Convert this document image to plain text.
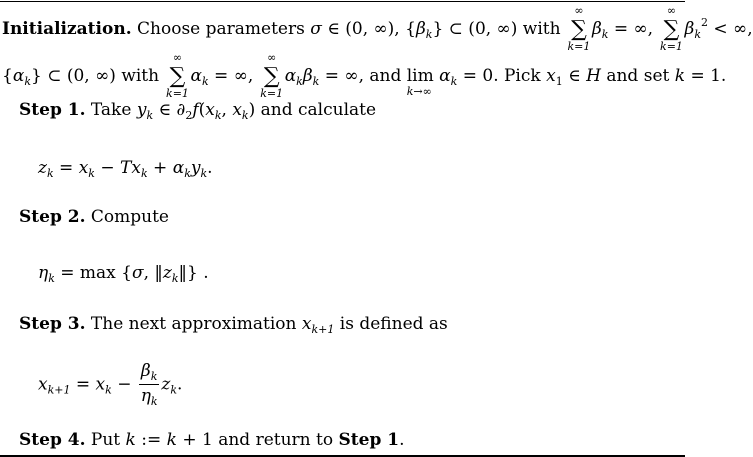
Initialization. Choose parameters σ ∈ (0, ∞), $\{\beta_k\}$ ⊂ (0, ∞) with
∞
∑
k=1
$\beta_k$ = ∞,
∞
∑
k=1
$\beta_k^2$ < ∞,
$\{\alpha_k\}$ ⊂ (0, ∞) with
∞
∑
k=1
$\alpha_k$ = ∞,
∞
∑
k=1
$\alpha_k\beta_k$ = ∞, and lim
k→∞
$\alpha_k = 0$. Pick $x_1$ ∈ H and set k = 1.
Step 1. Take $y_k$ ∈ $\partial_2f(x_k$, $x_k$) and calculate
$z_k = x_k - Tx_k + \alpha_ky_k$.
Step 2. Compute
$\eta_k = \max \{\sigma$, $‖z_k‖$} .
Step 3. The next approximation $x_{k+1}$ is defined as
$x_{k+1} = x_k - \frac{\beta_k}{\eta_k} z_k$.
Step 4. Put k := k + 1 and return to Step 1.
